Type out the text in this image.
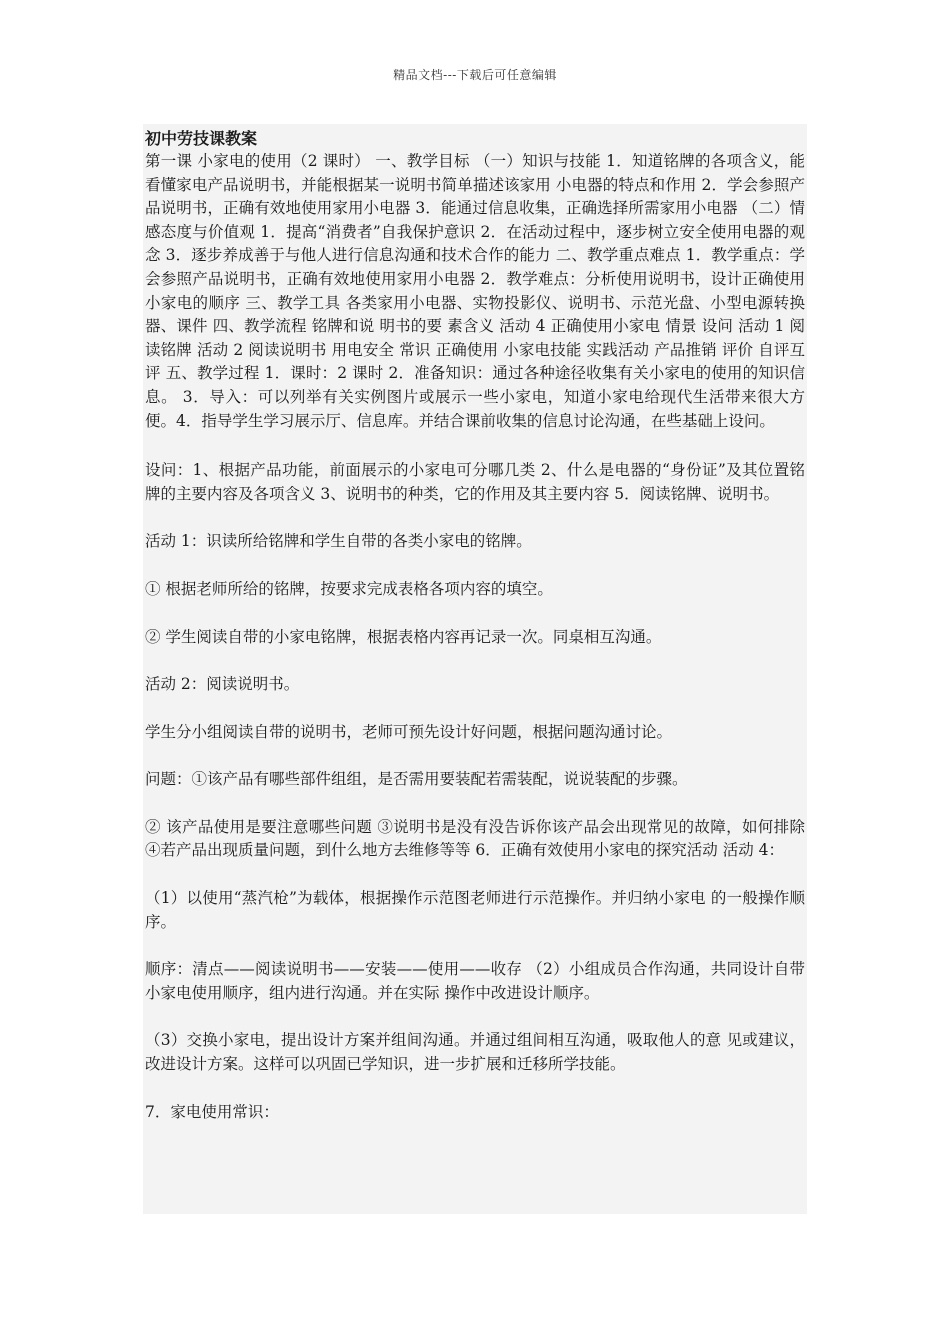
精品文档---下载后可任意编辑

初中劳技课教案

第一课 小家电的使用（2 课时） 一、教学目标 （一）知识与技能 1．知道铭牌的各项含义，能看懂家电产品说明书，并能根据某一说明书简单描述该家用 小电器的特点和作用 2．学会参照产品说明书，正确有效地使用家用小电器 3．能通过信息收集，正确选择所需家用小电器 （二）情感态度与价值观 1．提高“消费者”自我保护意识 2．在活动过程中，逐步树立安全使用电器的观念 3．逐步养成善于与他人进行信息沟通和技术合作的能力 二、教学重点难点 1．教学重点：学会参照产品说明书，正确有效地使用家用小电器 2．教学难点：分析使用说明书，设计正确使用小家电的顺序 三、教学工具 各类家用小电器、实物投影仪、说明书、示范光盘、小型电源转换器、课件 四、教学流程 铭牌和说 明书的要 素含义 活动 4 正确使用小家电 情景 设问 活动 1 阅读铭牌 活动 2 阅读说明书 用电安全 常识 正确使用 小家电技能 实践活动 产品推销 评价 自评互评 五、教学过程 1．课时：2 课时 2．准备知识：通过各种途径收集有关小家电的使用的知识信息。 3．导入：可以列举有关实例图片或展示一些小家电，知道小家电给现代生活带来很大方便。4．指导学生学习展示厅、信息库。并结合课前收集的信息讨论沟通，在些基础上设问。

设问：1、根据产品功能，前面展示的小家电可分哪几类 2、什么是电器的“身份证”及其位置铭牌的主要内容及各项含义 3、说明书的种类，它的作用及其主要内容 5．阅读铭牌、说明书。

活动 1：识读所给铭牌和学生自带的各类小家电的铭牌。

① 根据老师所给的铭牌，按要求完成表格各项内容的填空。

② 学生阅读自带的小家电铭牌，根据表格内容再记录一次。同桌相互沟通。

活动 2：阅读说明书。

学生分小组阅读自带的说明书，老师可预先设计好问题，根据问题沟通讨论。

问题：①该产品有哪些部件组组，是否需用要装配若需装配，说说装配的步骤。

② 该产品使用是要注意哪些问题 ③说明书是没有没告诉你该产品会出现常见的故障，如何排除 ④若产品出现质量问题，到什么地方去维修等等 6．正确有效使用小家电的探究活动 活动 4：

（1）以使用“蒸汽枪”为载体，根据操作示范图老师进行示范操作。并归纳小家电 的一般操作顺序。

顺序：清点——阅读说明书——安装——使用——收存 （2）小组成员合作沟通，共同设计自带小家电使用顺序，组内进行沟通。并在实际 操作中改进设计顺序。

（3）交换小家电，提出设计方案并组间沟通。并通过组间相互沟通，吸取他人的意 见或建议，改进设计方案。这样可以巩固已学知识，进一步扩展和迁移所学技能。

7．家电使用常识：
